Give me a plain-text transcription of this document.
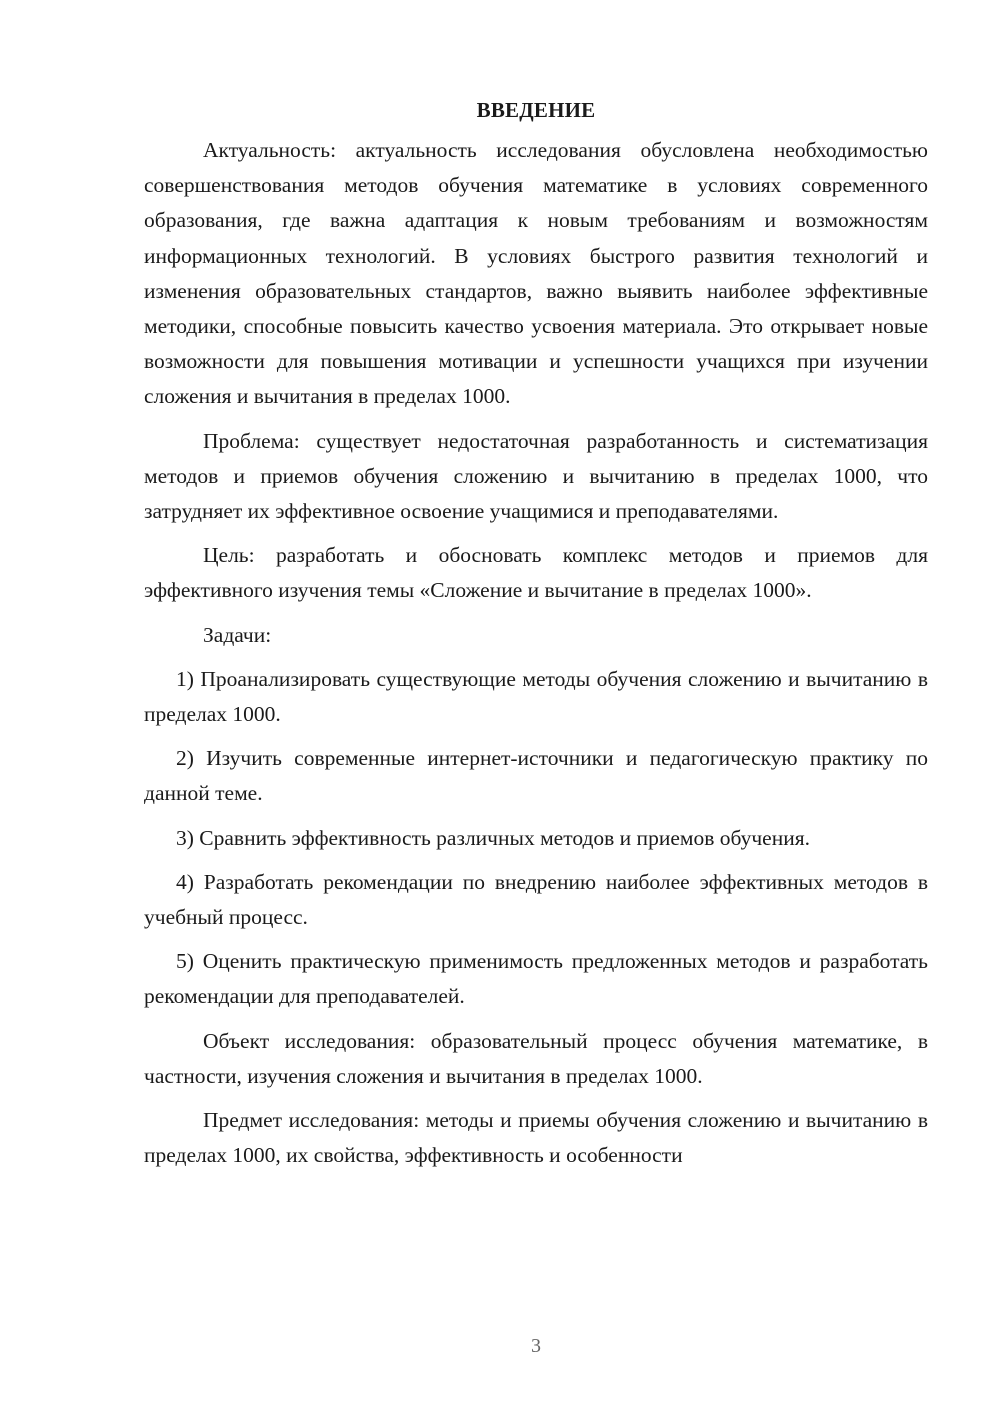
ВВЕДЕНИЕ

Актуальность: актуальность исследования обусловлена необходимостью совершенствования методов обучения математике в условиях современного образования, где важна адаптация к новым требованиям и возможностям информационных технологий. В условиях быстрого развития технологий и изменения образовательных стандартов, важно выявить наиболее эффективные методики, способные повысить качество усвоения материала. Это открывает новые возможности для повышения мотивации и успешности учащихся при изучении сложения и вычитания в пределах 1000.

Проблема: существует недостаточная разработанность и систематизация методов и приемов обучения сложению и вычитанию в пределах 1000, что затрудняет их эффективное освоение учащимися и преподавателями.

Цель: разработать и обосновать комплекс методов и приемов для эффективного изучения темы «Сложение и вычитание в пределах 1000».

Задачи:

1) Проанализировать существующие методы обучения сложению и вычитанию в пределах 1000.

2) Изучить современные интернет-источники и педагогическую практику по данной теме.

3) Сравнить эффективность различных методов и приемов обучения.

4) Разработать рекомендации по внедрению наиболее эффективных методов в учебный процесс.

5) Оценить практическую применимость предложенных методов и разработать рекомендации для преподавателей.

Объект исследования: образовательный процесс обучения математике, в частности, изучения сложения и вычитания в пределах 1000.

Предмет исследования: методы и приемы обучения сложению и вычитанию в пределах 1000, их свойства, эффективность и особенности

3
